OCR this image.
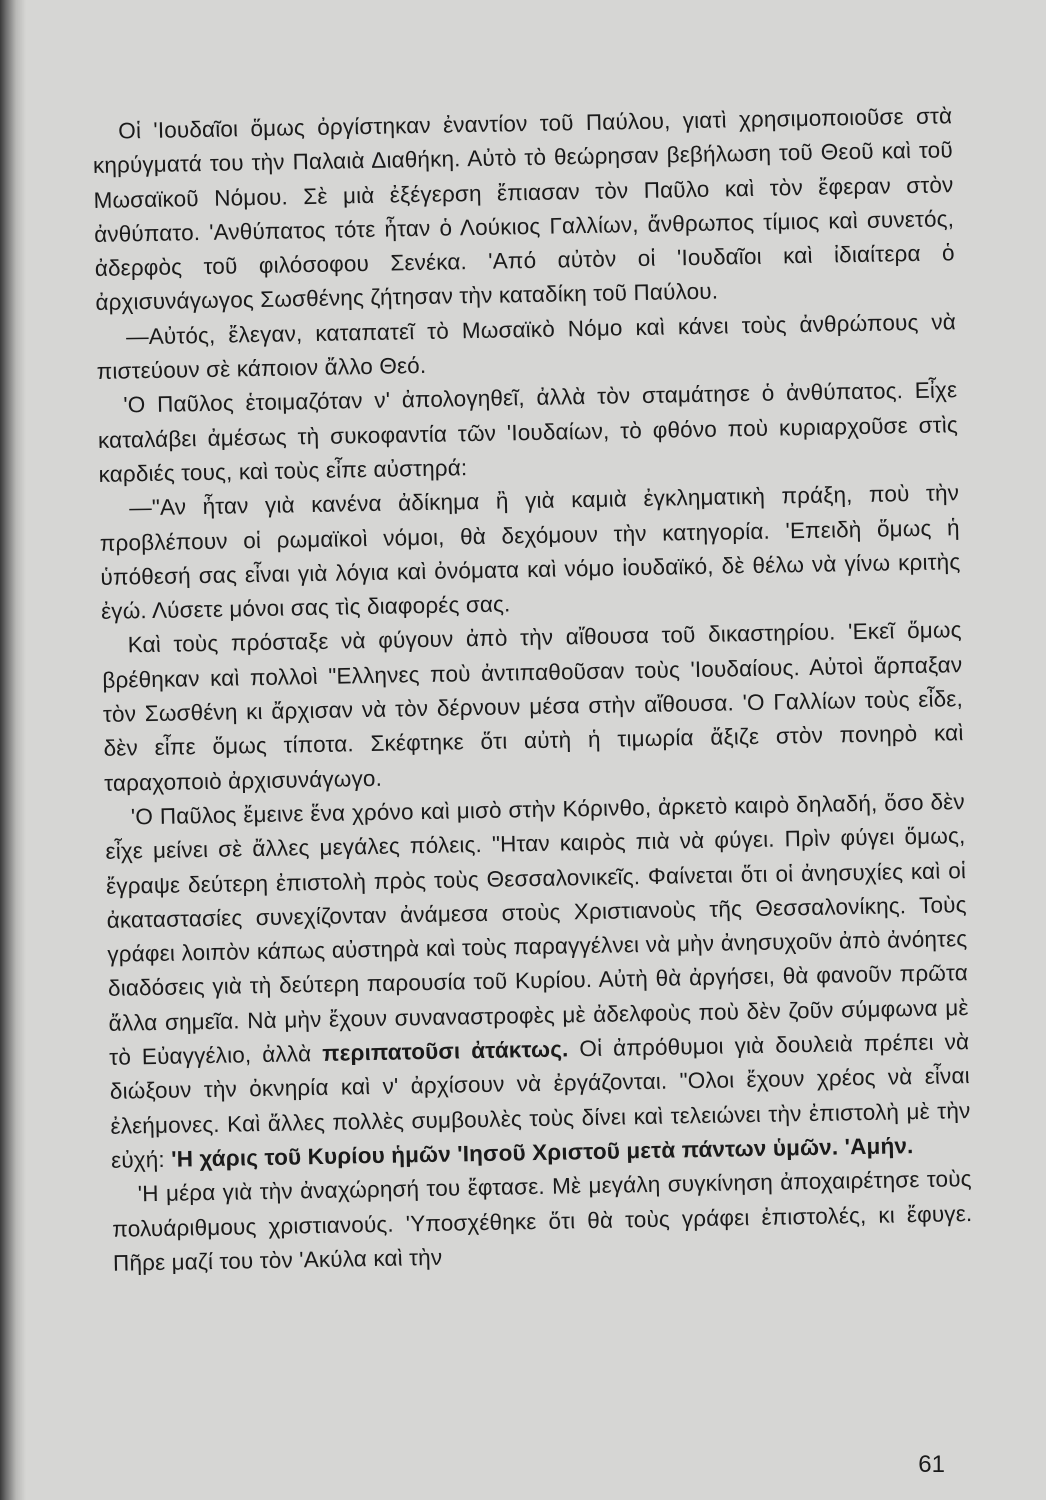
Οἱ 'Ιουδαῖοι ὅμως ὀργίστηκαν ἐναντίον τοῦ Παύλου, γιατὶ χρησιμοποιοῦσε στὰ κηρύγματά του τὴν Παλαιὰ Διαθήκη. Αὐτὸ τὸ θεώρησαν βεβήλωση τοῦ Θεοῦ καὶ τοῦ Μωσαϊκοῦ Νόμου. Σὲ μιὰ ἐξέγερση ἔπιασαν τὸν Παῦλο καὶ τὸν ἔφεραν στὸν ἀνθύπατο. 'Ανθύπατος τότε ἦταν ὁ Λούκιος Γαλλίων, ἄνθρωπος τίμιος καὶ συνετός, ἀδερφὸς τοῦ φιλόσοφου Σενέκα. 'Από αὐτὸν οἱ 'Ιουδαῖοι καὶ ἰδιαίτερα ὁ ἀρχισυνάγωγος Σωσθένης ζήτησαν τὴν καταδίκη τοῦ Παύλου.

—Αὐτός, ἔλεγαν, καταπατεῖ τὸ Μωσαϊκὸ Νόμο καὶ κάνει τοὺς ἀνθρώπους νὰ πιστεύουν σὲ κάποιον ἄλλο Θεό.

'Ο Παῦλος ἑτοιμαζόταν ν' ἀπολογηθεῖ, ἀλλὰ τὸν σταμάτησε ὁ ἀνθύπατος. Εἶχε καταλάβει ἀμέσως τὴ συκοφαντία τῶν 'Ιουδαίων, τὸ φθόνο ποὺ κυριαρχοῦσε στὶς καρδιές τους, καὶ τοὺς εἶπε αὐστηρά:

—"Αν ἦταν γιὰ κανένα ἀδίκημα ἢ γιὰ καμιὰ ἐγκληματικὴ πράξη, ποὺ τὴν προβλέπουν οἱ ρωμαϊκοὶ νόμοι, θὰ δεχόμουν τὴν κατηγορία. 'Επειδὴ ὅμως ἡ ὑπόθεσή σας εἶναι γιὰ λόγια καὶ ὀνόματα καὶ νόμο ἰουδαϊκό, δὲ θέλω νὰ γίνω κριτὴς ἐγώ. Λύσετε μόνοι σας τὶς διαφορές σας.

Καὶ τοὺς πρόσταξε νὰ φύγουν ἀπὸ τὴν αἴθουσα τοῦ δικαστηρίου. 'Εκεῖ ὅμως βρέθηκαν καὶ πολλοὶ "Ελληνες ποὺ ἀντιπαθοῦσαν τοὺς 'Ιουδαίους. Αὐτοὶ ἅρπαξαν τὸν Σωσθένη κι ἄρχισαν νὰ τὸν δέρνουν μέσα στὴν αἴθουσα. 'Ο Γαλλίων τοὺς εἶδε, δὲν εἶπε ὅμως τίποτα. Σκέφτηκε ὅτι αὐτὴ ἡ τιμωρία ἄξιζε στὸν πονηρὸ καὶ ταραχοποιὸ ἀρχισυνάγωγο.

'Ο Παῦλος ἔμεινε ἕνα χρόνο καὶ μισὸ στὴν Κόρινθο, ἀρκετὸ καιρὸ δηλαδή, ὅσο δὲν εἶχε μείνει σὲ ἄλλες μεγάλες πόλεις. "Ηταν καιρὸς πιὰ νὰ φύγει. Πρὶν φύγει ὅμως, ἔγραψε δεύτερη ἐπιστολὴ πρὸς τοὺς Θεσσαλονικεῖς. Φαίνεται ὅτι οἱ ἀνησυχίες καὶ οἱ ἀκαταστασίες συνεχίζονταν ἀνάμεσα στοὺς Χριστιανοὺς τῆς Θεσσαλονίκης. Τοὺς γράφει λοιπὸν κάπως αὐστηρὰ καὶ τοὺς παραγγέλνει νὰ μὴν ἀνησυχοῦν ἀπὸ ἀνόητες διαδόσεις γιὰ τὴ δεύτερη παρουσία τοῦ Κυρίου. Αὐτὴ θὰ ἀργήσει, θὰ φανοῦν πρῶτα ἄλλα σημεῖα. Νὰ μὴν ἔχουν συναναστροφὲς μὲ ἀδελφοὺς ποὺ δὲν ζοῦν σύμφωνα μὲ τὸ Εὐαγγέλιο, ἀλλὰ περιπατοῦσι ἀτάκτως. Οἱ ἀπρόθυμοι γιὰ δουλειὰ πρέπει νὰ διώξουν τὴν ὀκνηρία καὶ ν' ἀρχίσουν νὰ ἐργάζονται. "Ολοι ἔχουν χρέος νὰ εἶναι ἐλεήμονες. Καὶ ἄλλες πολλὲς συμβουλὲς τοὺς δίνει καὶ τελειώνει τὴν ἐπιστολὴ μὲ τὴν εὐχή: 'Η χάρις τοῦ Κυρίου ἡμῶν 'Ιησοῦ Χριστοῦ μετὰ πάντων ὑμῶν. 'Αμήν.

'Η μέρα γιὰ τὴν ἀναχώρησή του ἔφτασε. Μὲ μεγάλη συγκίνηση ἀποχαιρέτησε τοὺς πολυάριθμους χριστιανούς. 'Υποσχέθηκε ὅτι θὰ τοὺς γράφει ἐπιστολές, κι ἔφυγε. Πῆρε μαζί του τὸν 'Ακύλα καὶ τὴν

61
